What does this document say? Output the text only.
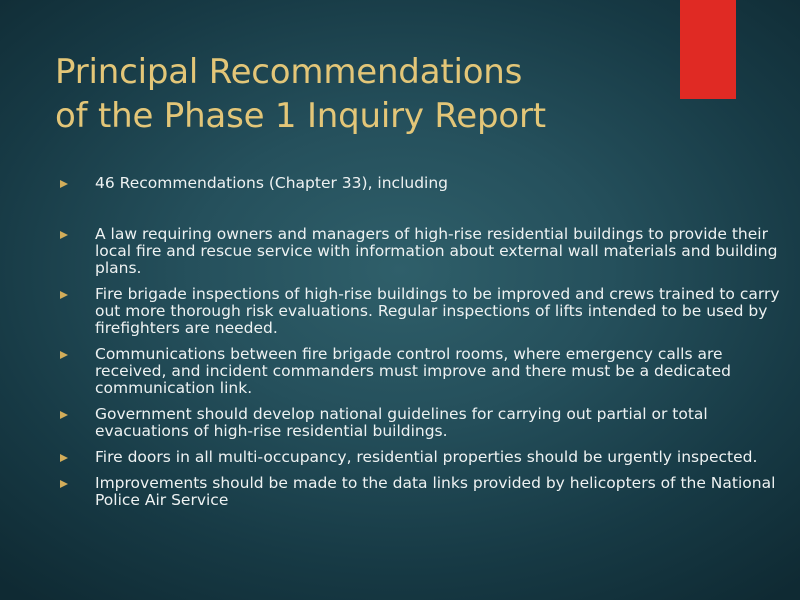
Principal Recommendations
of the Phase 1 Inquiry Report
46 Recommendations (Chapter 33), including
A law requiring owners and managers of high-rise residential buildings to provide their local fire and rescue service with information about external wall materials and building plans.
Fire brigade inspections of high-rise buildings to be improved and crews trained to carry out more thorough risk evaluations. Regular inspections of lifts intended to be used by firefighters are needed.
Communications between fire brigade control rooms, where emergency calls are received, and incident commanders must improve and there must be a dedicated communication link.
Government should develop national guidelines for carrying out partial or total evacuations of high-rise residential buildings.
Fire doors in all multi-occupancy, residential properties should be urgently inspected.
Improvements should be made to the data links provided by helicopters of the National Police Air Service
